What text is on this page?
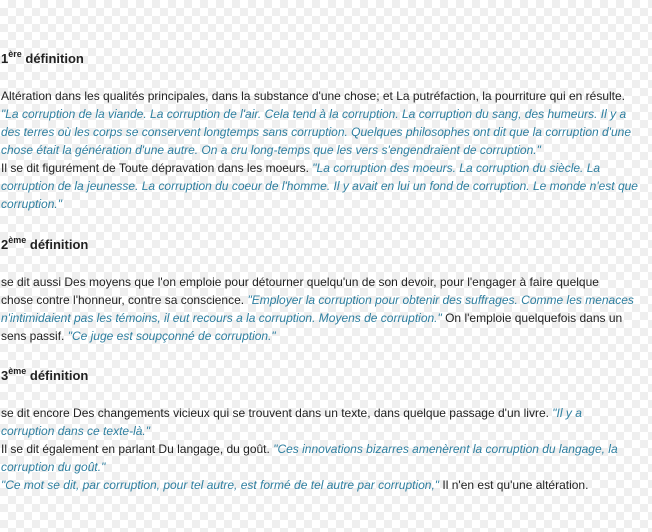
1ère définition
Altération dans les qualités principales, dans la substance d'une chose; et La putréfaction, la pourriture qui en résulte.
"La corruption de la viande. La corruption de l'air. Cela tend à la corruption. La corruption du sang, des humeurs. Il y a
des terres où les corps se conservent longtemps sans corruption. Quelques philosophes ont dit que la corruption d'une
chose était la génération d'une autre. On a cru long-temps que les vers s'engendraient de corruption."
Il se dit figurément de Toute dépravation dans les moeurs. "La corruption des moeurs. La corruption du siècle. La
corruption de la jeunesse. La corruption du coeur de l'homme. Il y avait en lui un fond de corruption. Le monde n'est que
corruption."
2ème définition
se dit aussi Des moyens que l'on emploie pour détourner quelqu'un de son devoir, pour l'engager à faire quelque
chose contre l'honneur, contre sa conscience. "Employer la corruption pour obtenir des suffrages. Comme les menaces
n'intimidaient pas les témoins, il eut recours a la corruption. Moyens de corruption." On l'emploie quelquefois dans un
sens passif. "Ce juge est soupçonné de corruption."
3ème définition
se dit encore Des changements vicieux qui se trouvent dans un texte, dans quelque passage d'un livre. "Il y a
corruption dans ce texte-là."
Il se dit également en parlant Du langage, du goût. "Ces innovations bizarres amenèrent la corruption du langage, la
corruption du goût."
"Ce mot se dit, par corruption, pour tel autre, est formé de tel autre par corruption," Il n'en est qu'une altération.
